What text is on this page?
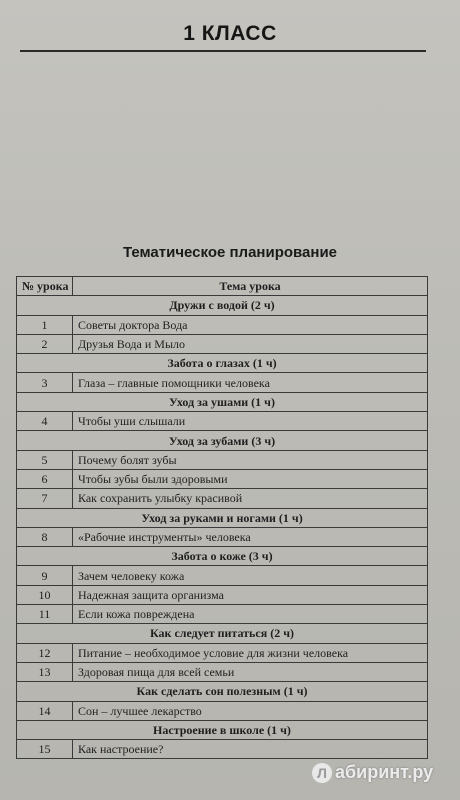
1 КЛАСС
Тематическое планирование
№ урока	Тема урока
Дружи с водой (2 ч)	
1	Советы доктора Вода
2	Друзья Вода и Мыло
Забота о глазах (1 ч)	
3	Глаза – главные помощники человека
Уход за ушами (1 ч)	
4	Чтобы уши слышали
Уход за зубами (3 ч)	
5	Почему болят зубы
6	Чтобы зубы были здоровыми
7	Как сохранить улыбку красивой
Уход за руками и ногами (1 ч)	
8	«Рабочие инструменты» человека
Забота о коже (3 ч)	
9	Зачем человеку кожа
10	Надежная защита организма
11	Если кожа повреждена
Как следует питаться (2 ч)	
12	Питание – необходимое условие для жизни человека
13	Здоровая пища для всей семьи
Как сделать сон полезным (1 ч)	
14	Сон – лучшее лекарство
Настроение в школе (1 ч)	
15	Как настроение?
Л абиринт.ру
